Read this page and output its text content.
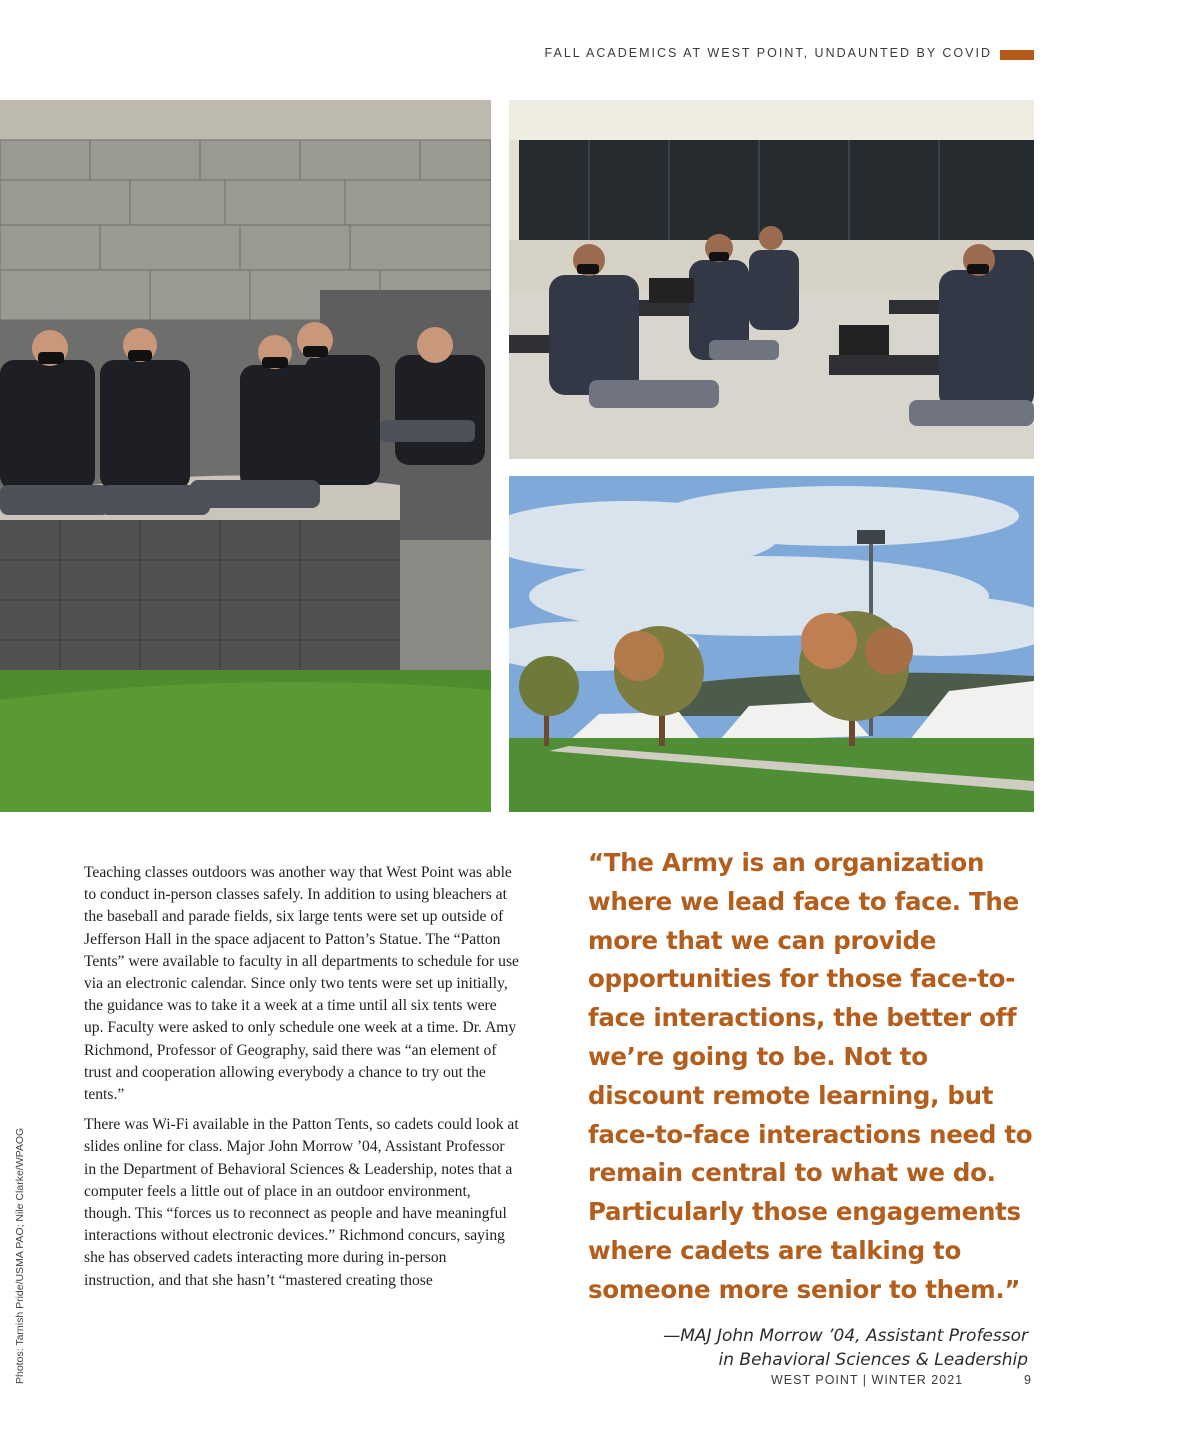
FALL ACADEMICS AT WEST POINT, UNDAUNTED BY COVID
Photos: Tarnish Pride/USMA PAO; Nile Clarke/WPAOG

Teaching classes outdoors was another way that West Point was able to conduct in-person classes safely. In addition to using bleachers at the baseball and parade fields, six large tents were set up outside of Jefferson Hall in the space adjacent to Patton’s Statue. The “Patton Tents” were available to faculty in all departments to schedule for use via an electronic calendar. Since only two tents were set up initially, the guidance was to take it a week at a time until all six tents were up. Faculty were asked to only schedule one week at a time. Dr. Amy Richmond, Professor of Geography, said there was “an element of trust and cooperation allowing everybody a chance to try out the tents.”

There was Wi-Fi available in the Patton Tents, so cadets could look at slides online for class. Major John Morrow ’04, Assistant Professor in the Department of Behavioral Sciences & Leadership, notes that a computer feels a little out of place in an outdoor environment, though. This “forces us to reconnect as people and have meaningful interactions without electronic devices.” Richmond concurs, saying she has observed cadets interacting more during in-person instruction, and that she hasn’t “mastered creating those

“The Army is an organization where we lead face to face. The more that we can provide opportunities for those face-to-face interactions, the better off we’re going to be. Not to discount remote learning, but face-to-face interactions need to remain central to what we do. Particularly those engagements where cadets are talking to someone more senior to them.”
—MAJ John Morrow ’04, Assistant Professor
in Behavioral Sciences & Leadership
WEST POINT | WINTER 2021	9
